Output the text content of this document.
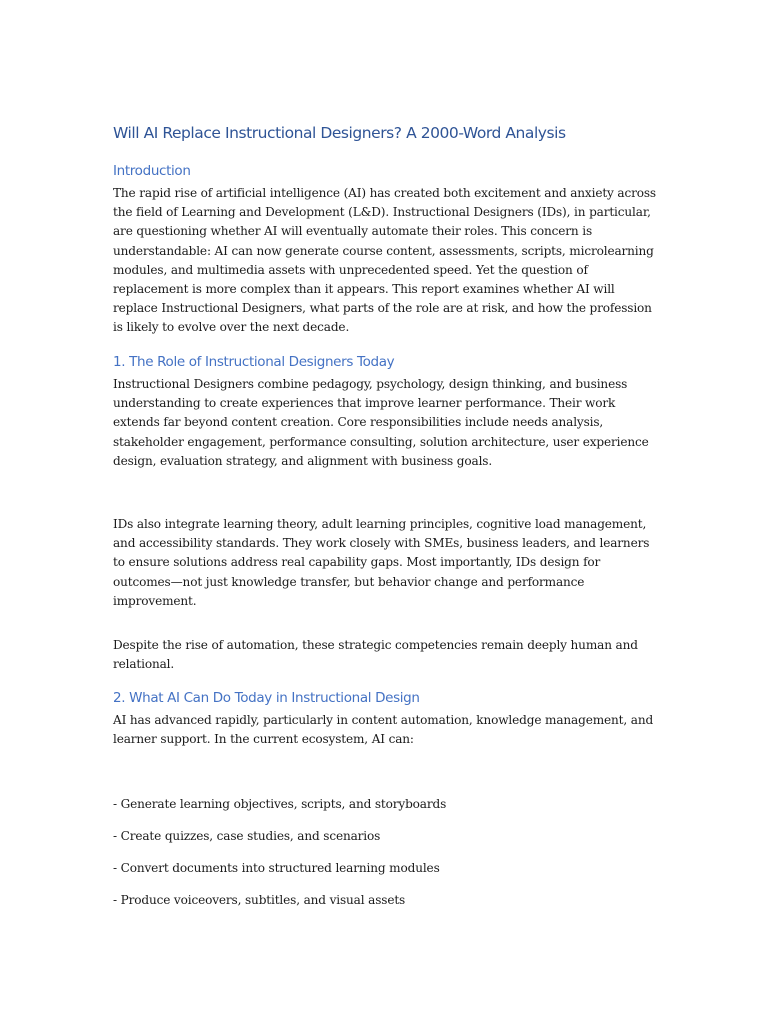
Will AI Replace Instructional Designers? A 2000-Word Analysis
Introduction

The rapid rise of artificial intelligence (AI) has created both excitement and anxiety across the field of Learning and Development (L&D). Instructional Designers (IDs), in particular, are questioning whether AI will eventually automate their roles. This concern is understandable: AI can now generate course content, assessments, scripts, microlearning modules, and multimedia assets with unprecedented speed. Yet the question of replacement is more complex than it appears. This report examines whether AI will replace Instructional Designers, what parts of the role are at risk, and how the profession is likely to evolve over the next decade.

1. The Role of Instructional Designers Today

Instructional Designers combine pedagogy, psychology, design thinking, and business understanding to create experiences that improve learner performance. Their work extends far beyond content creation. Core responsibilities include needs analysis, stakeholder engagement, performance consulting, solution architecture, user experience design, evaluation strategy, and alignment with business goals.

IDs also integrate learning theory, adult learning principles, cognitive load management, and accessibility standards. They work closely with SMEs, business leaders, and learners to ensure solutions address real capability gaps. Most importantly, IDs design for outcomes—not just knowledge transfer, but behavior change and performance improvement.

Despite the rise of automation, these strategic competencies remain deeply human and relational.

2. What AI Can Do Today in Instructional Design

AI has advanced rapidly, particularly in content automation, knowledge management, and learner support. In the current ecosystem, AI can:

- Generate learning objectives, scripts, and storyboards

- Create quizzes, case studies, and scenarios

- Convert documents into structured learning modules

- Produce voiceovers, subtitles, and visual assets
